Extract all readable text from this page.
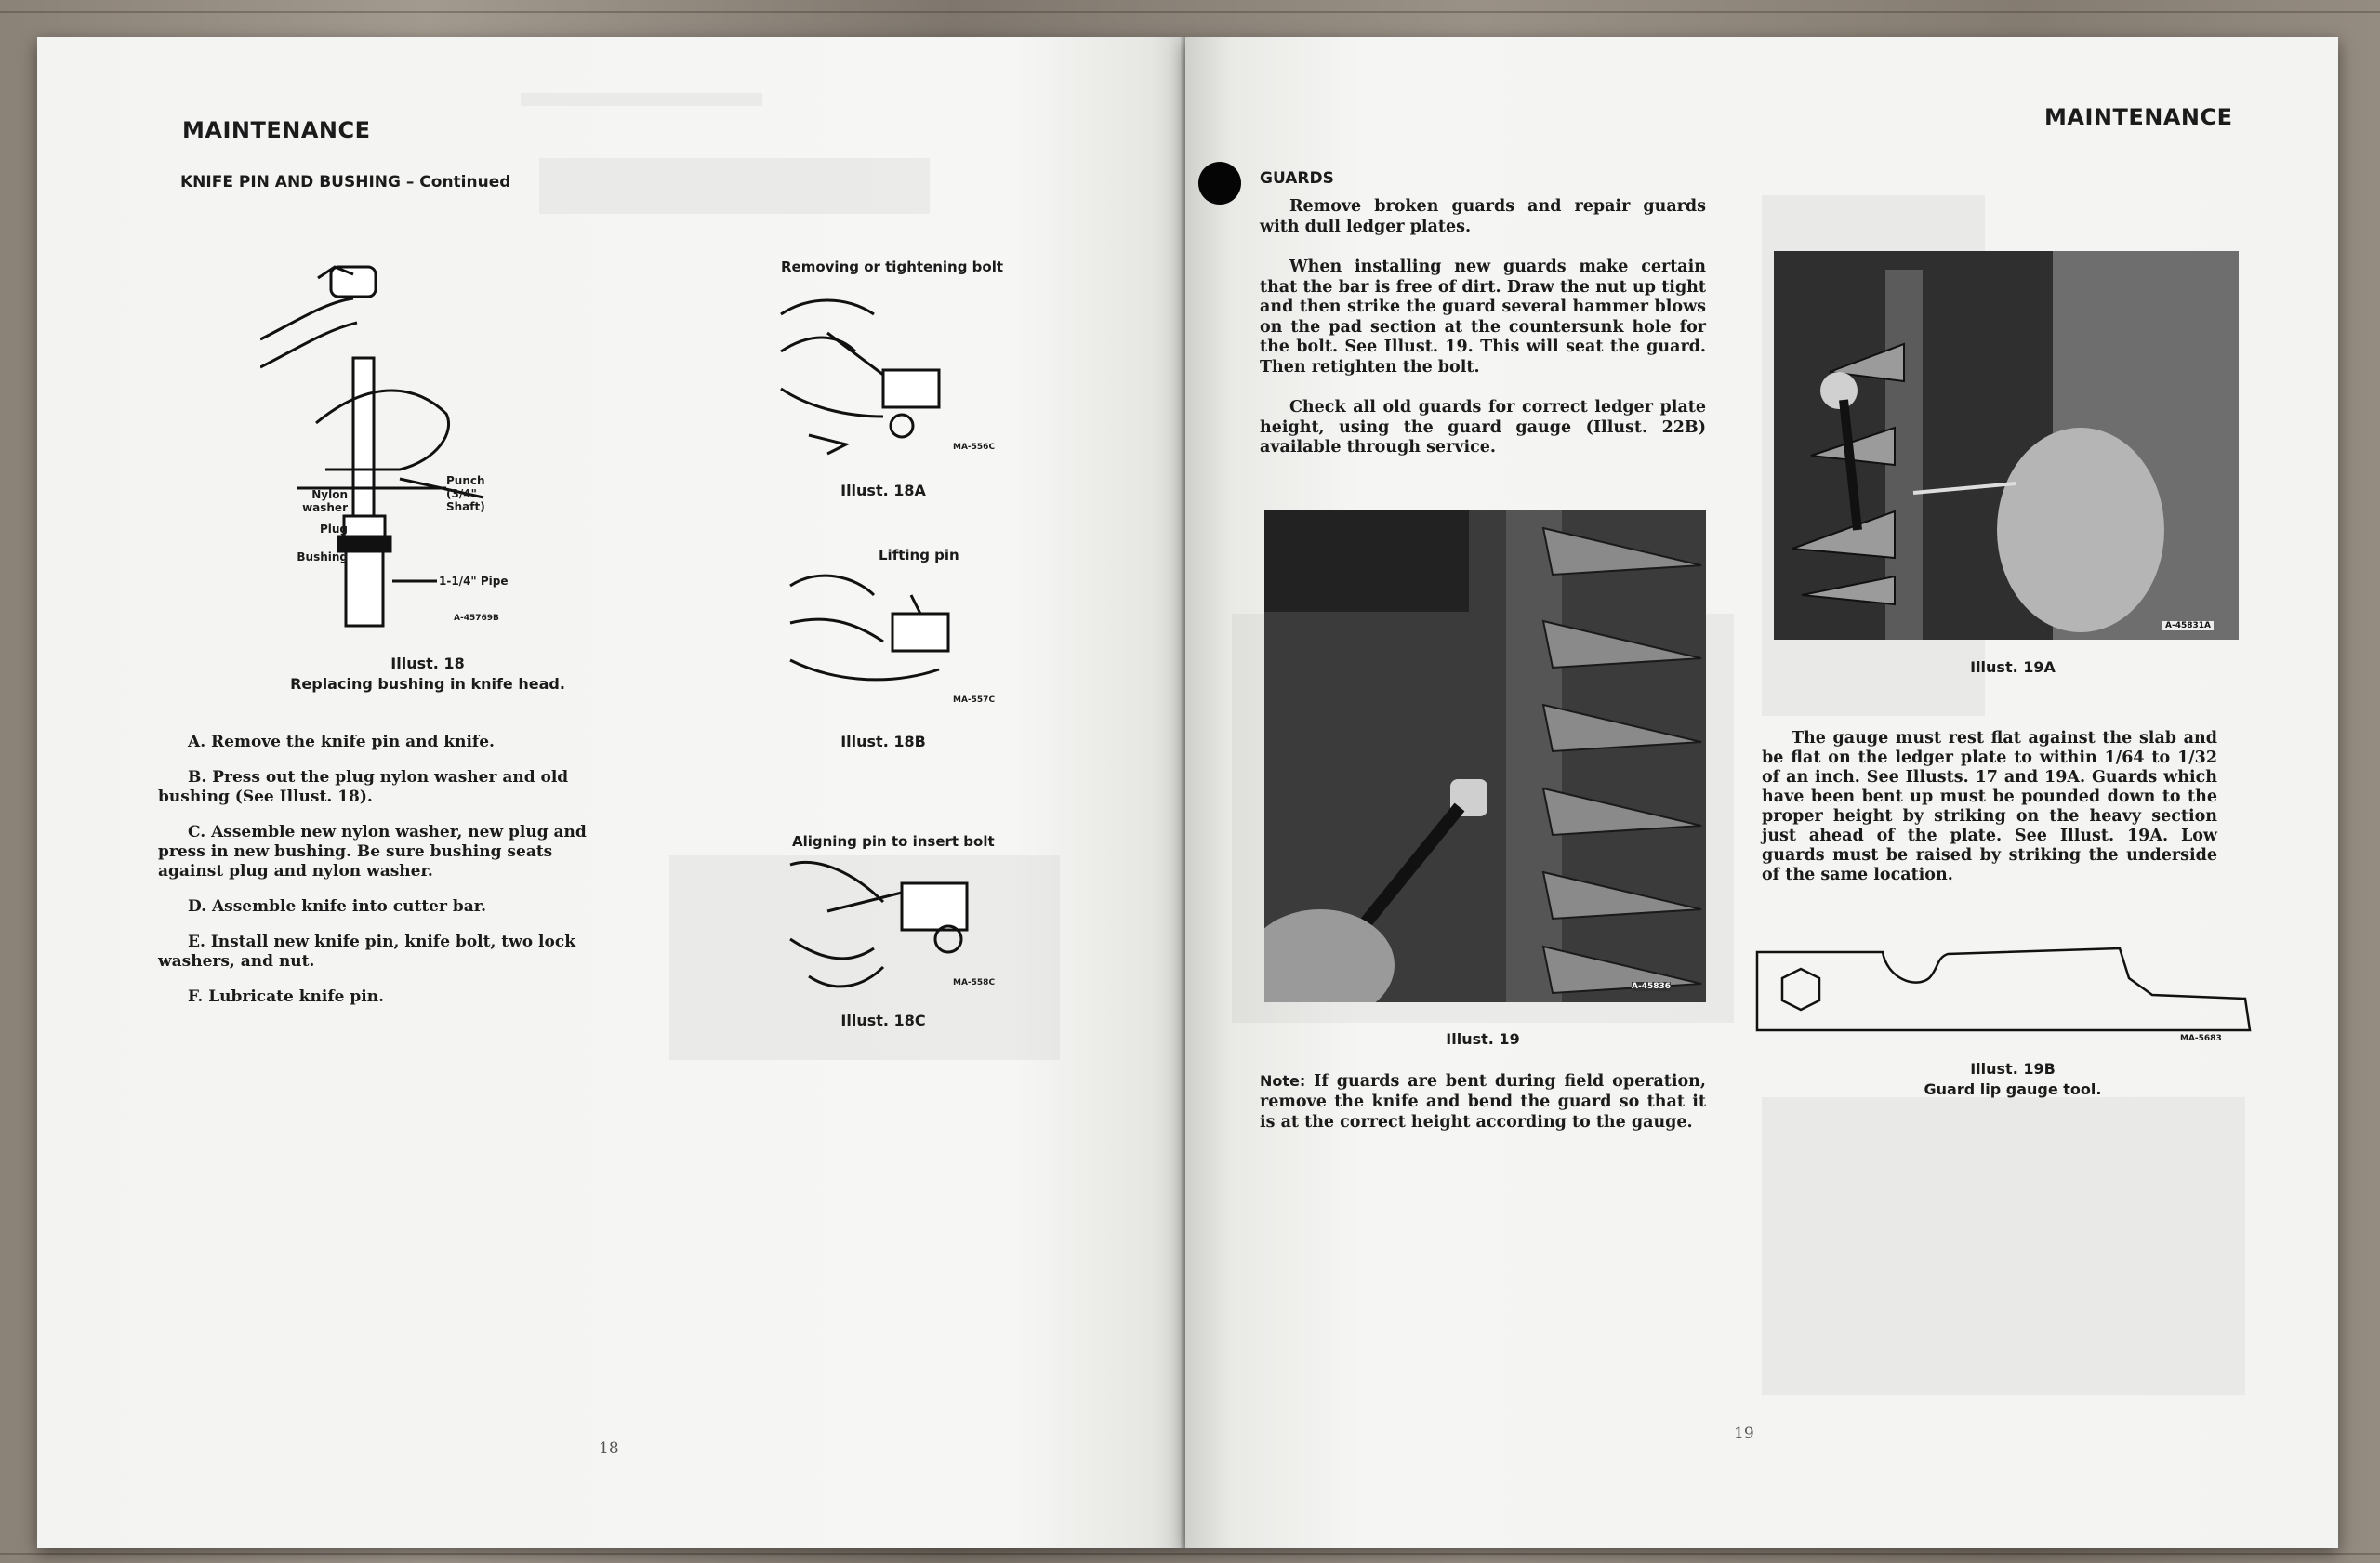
MAINTENANCE
KNIFE PIN AND BUSHING – Continued
Punch (3/4" Shaft)
Nylon washer
Plug
Bushing
1-1/4" Pipe
A-45769B
Illust. 18
Replacing bushing in knife head.
Removing or tightening bolt
MA-556C
Illust. 18A
Lifting pin
MA-557C
Illust. 18B
Aligning pin to insert bolt
MA-558C
Illust. 18C

A. Remove the knife pin and knife.

B. Press out the plug nylon washer and old bushing (See Illust. 18).

C. Assemble new nylon washer, new plug and press in new bushing. Be sure bushing seats against plug and nylon washer.

D. Assemble knife into cutter bar.

E. Install new knife pin, knife bolt, two lock washers, and nut.

F. Lubricate knife pin.

18
GUARDS
MAINTENANCE

Remove broken guards and repair guards with dull ledger plates.

When installing new guards make certain that the bar is free of dirt. Draw the nut up tight and then strike the guard several hammer blows on the pad section at the countersunk hole for the bolt. See Illust. 19. This will seat the guard. Then retighten the bolt.

Check all old guards for correct ledger plate height, using the guard gauge (Illust. 22B) available through service.

A-45836
Illust. 19
Note: If guards are bent during field operation, remove the knife and bend the guard so that it is at the correct height according to the gauge.
A-45831A
Illust. 19A

The gauge must rest flat against the slab and be flat on the ledger plate to within 1/64 to 1/32 of an inch. See Illusts. 17 and 19A. Guards which have been bent up must be pounded down to the proper height by striking on the heavy section just ahead of the plate. See Illust. 19A. Low guards must be raised by striking the underside of the same location.

MA-5683
Illust. 19B
Guard lip gauge tool.
19
